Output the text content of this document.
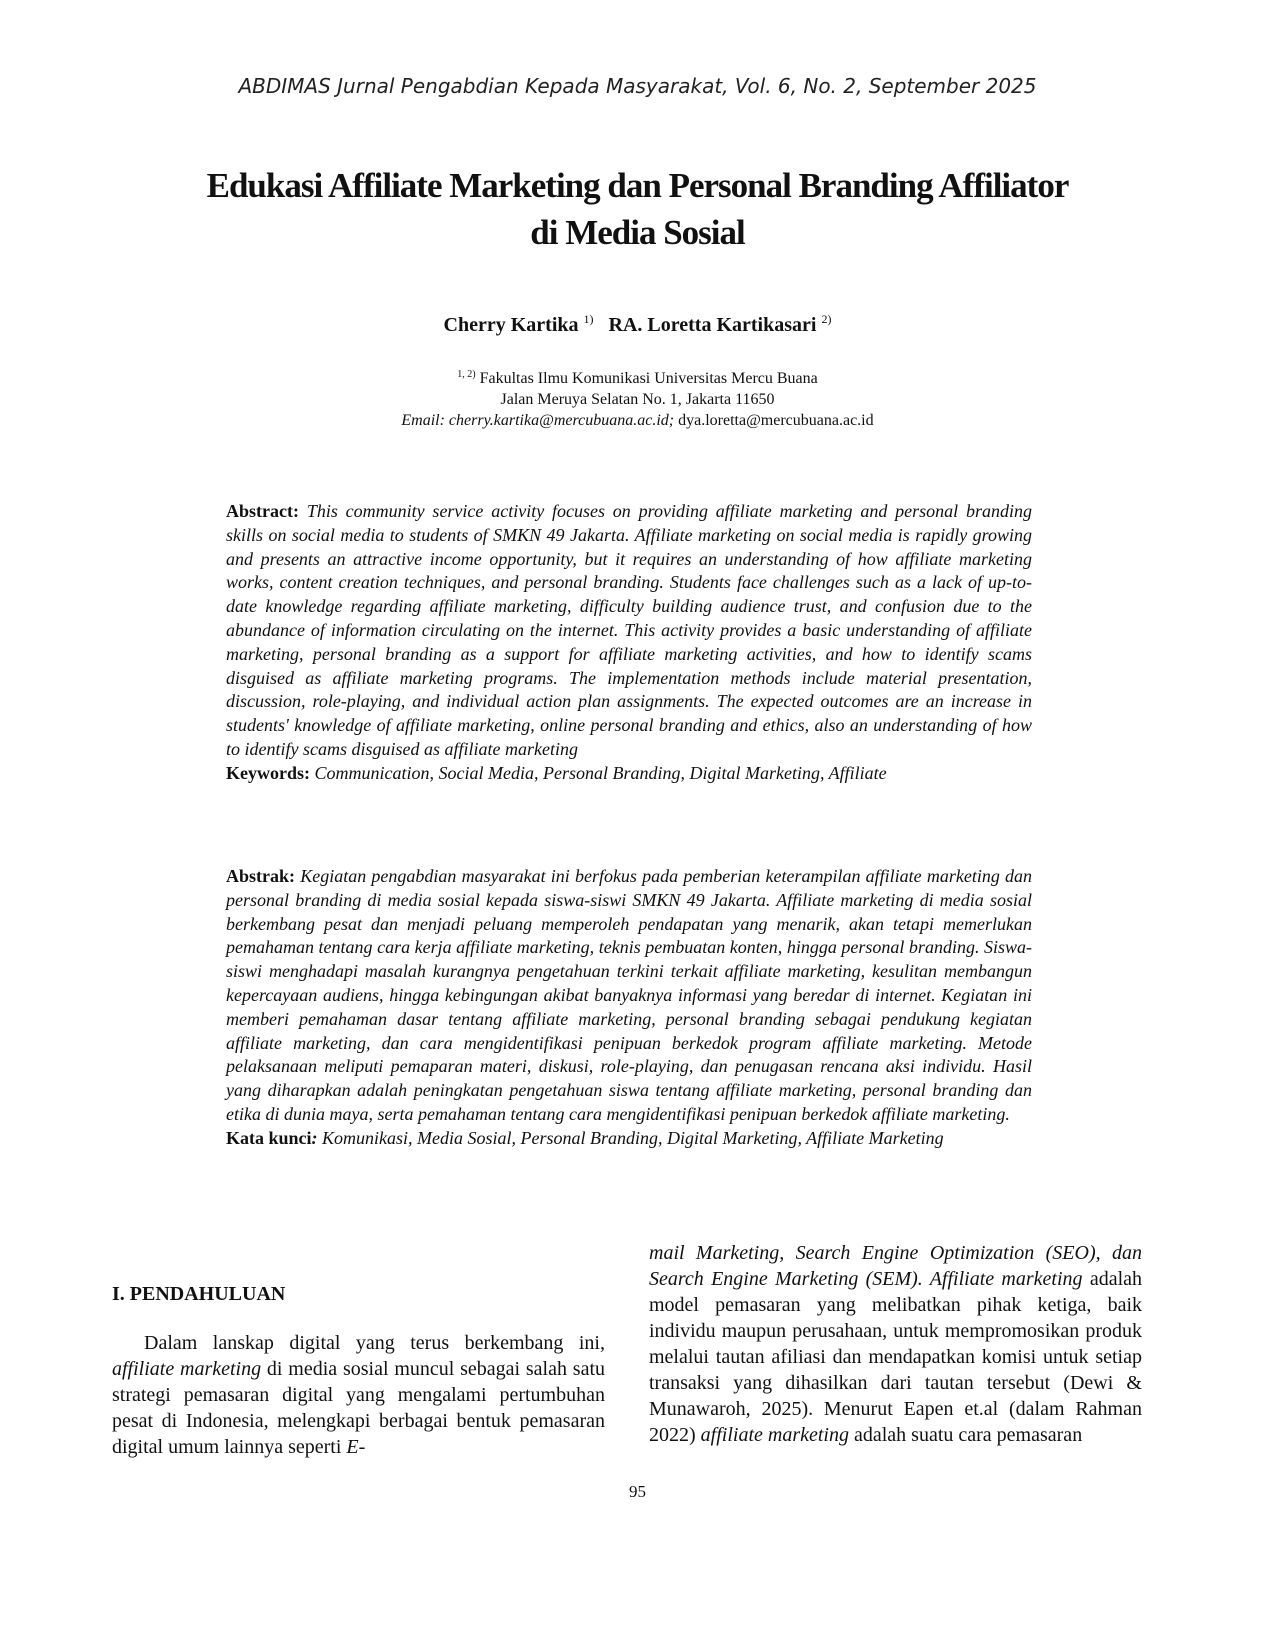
ABDIMAS Jurnal Pengabdian Kepada Masyarakat, Vol. 6, No. 2, September 2025
Edukasi Affiliate Marketing dan Personal Branding Affiliator
di Media Sosial
Cherry Kartika $^{1)}$ RA. Loretta Kartikasari $^{2)}$
$^{1, 2)}$ Fakultas Ilmu Komunikasi Universitas Mercu Buana
Jalan Meruya Selatan No. 1, Jakarta 11650
Email: cherry.kartika@mercubuana.ac.id; dya.loretta@mercubuana.ac.id
Abstract: This community service activity focuses on providing affiliate marketing and personal branding skills on social media to students of SMKN 49 Jakarta. Affiliate marketing on social media is rapidly growing and presents an attractive income opportunity, but it requires an understanding of how affiliate marketing works, content creation techniques, and personal branding. Students face challenges such as a lack of up-to-date knowledge regarding affiliate marketing, difficulty building audience trust, and confusion due to the abundance of information circulating on the internet. This activity provides a basic understanding of affiliate marketing, personal branding as a support for affiliate marketing activities, and how to identify scams disguised as affiliate marketing programs. The implementation methods include material presentation, discussion, role-playing, and individual action plan assignments. The expected outcomes are an increase in students' knowledge of affiliate marketing, online personal branding and ethics, also an understanding of how to identify scams disguised as affiliate marketing
Keywords: Communication, Social Media, Personal Branding, Digital Marketing, Affiliate
Abstrak: Kegiatan pengabdian masyarakat ini berfokus pada pemberian keterampilan affiliate marketing dan personal branding di media sosial kepada siswa-siswi SMKN 49 Jakarta. Affiliate marketing di media sosial berkembang pesat dan menjadi peluang memperoleh pendapatan yang menarik, akan tetapi memerlukan pemahaman tentang cara kerja affiliate marketing, teknis pembuatan konten, hingga personal branding. Siswa-siswi menghadapi masalah kurangnya pengetahuan terkini terkait affiliate marketing, kesulitan membangun kepercayaan audiens, hingga kebingungan akibat banyaknya informasi yang beredar di internet. Kegiatan ini memberi pemahaman dasar tentang affiliate marketing, personal branding sebagai pendukung kegiatan affiliate marketing, dan cara mengidentifikasi penipuan berkedok program affiliate marketing. Metode pelaksanaan meliputi pemaparan materi, diskusi, role-playing, dan penugasan rencana aksi individu. Hasil yang diharapkan adalah peningkatan pengetahuan siswa tentang affiliate marketing, personal branding dan etika di dunia maya, serta pemahaman tentang cara mengidentifikasi penipuan berkedok affiliate marketing.
Kata kunci: Komunikasi, Media Sosial, Personal Branding, Digital Marketing, Affiliate Marketing
I. PENDAHULUAN
Dalam lanskap digital yang terus berkembang ini, affiliate marketing di media sosial muncul sebagai salah satu strategi pemasaran digital yang mengalami pertumbuhan pesat di Indonesia, melengkapi berbagai bentuk pemasaran digital umum lainnya seperti E-
mail Marketing, Search Engine Optimization (SEO), dan Search Engine Marketing (SEM). Affiliate marketing adalah model pemasaran yang melibatkan pihak ketiga, baik individu maupun perusahaan, untuk mempromosikan produk melalui tautan afiliasi dan mendapatkan komisi untuk setiap transaksi yang dihasilkan dari tautan tersebut (Dewi & Munawaroh, 2025). Menurut Eapen et.al (dalam Rahman 2022) affiliate marketing adalah suatu cara pemasaran
95
